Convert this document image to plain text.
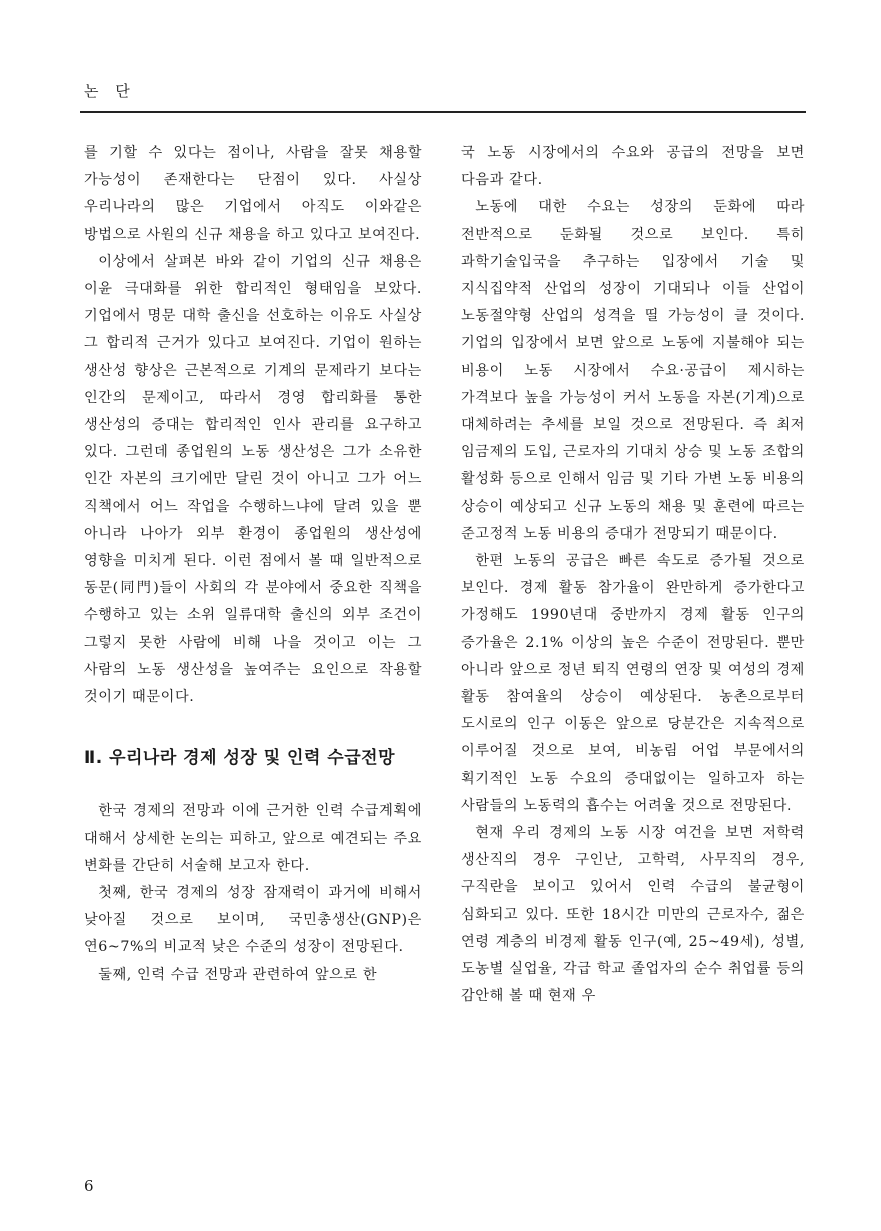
논 단

를 기할 수 있다는 점이나, 사람을 잘못 채용할 가능성이 존재한다는 단점이 있다. 사실상 우리나라의 많은 기업에서 아직도 이와같은 방법으로 사원의 신규 채용을 하고 있다고 보여진다.

이상에서 살펴본 바와 같이 기업의 신규 채용은 이윤 극대화를 위한 합리적인 형태임을 보았다. 기업에서 명문 대학 출신을 선호하는 이유도 사실상 그 합리적 근거가 있다고 보여진다. 기업이 원하는 생산성 향상은 근본적으로 기계의 문제라기 보다는 인간의 문제이고, 따라서 경영 합리화를 통한 생산성의 증대는 합리적인 인사 관리를 요구하고 있다. 그런데 종업원의 노동 생산성은 그가 소유한 인간 자본의 크기에만 달린 것이 아니고 그가 어느 직책에서 어느 작업을 수행하느냐에 달려 있을 뿐 아니라 나아가 외부 환경이 종업원의 생산성에 영향을 미치게 된다. 이런 점에서 볼 때 일반적으로 동문(同門)들이 사회의 각 분야에서 중요한 직책을 수행하고 있는 소위 일류대학 출신의 외부 조건이 그렇지 못한 사람에 비해 나을 것이고 이는 그 사람의 노동 생산성을 높여주는 요인으로 작용할 것이기 때문이다.

Ⅱ. 우리나라 경제 성장 및 인력 수급전망

한국 경제의 전망과 이에 근거한 인력 수급계획에 대해서 상세한 논의는 피하고, 앞으로 예견되는 주요 변화를 간단히 서술해 보고자 한다.

첫째, 한국 경제의 성장 잠재력이 과거에 비해서 낮아질 것으로 보이며, 국민총생산(GNP)은 연6~7%의 비교적 낮은 수준의 성장이 전망된다.

둘째, 인력 수급 전망과 관련하여 앞으로 한

국 노동 시장에서의 수요와 공급의 전망을 보면 다음과 같다.

노동에 대한 수요는 성장의 둔화에 따라 전반적으로 둔화될 것으로 보인다. 특히 과학기술입국을 추구하는 입장에서 기술 및 지식집약적 산업의 성장이 기대되나 이들 산업이 노동절약형 산업의 성격을 띨 가능성이 클 것이다. 기업의 입장에서 보면 앞으로 노동에 지불해야 되는 비용이 노동 시장에서 수요·공급이 제시하는 가격보다 높을 가능성이 커서 노동을 자본(기계)으로 대체하려는 추세를 보일 것으로 전망된다. 즉 최저 임금제의 도입, 근로자의 기대치 상승 및 노동 조합의 활성화 등으로 인해서 임금 및 기타 가변 노동 비용의 상승이 예상되고 신규 노동의 채용 및 훈련에 따르는 준고정적 노동 비용의 증대가 전망되기 때문이다.

한편 노동의 공급은 빠른 속도로 증가될 것으로 보인다. 경제 활동 참가율이 완만하게 증가한다고 가정해도 1990년대 중반까지 경제 활동 인구의 증가율은 2.1% 이상의 높은 수준이 전망된다. 뿐만 아니라 앞으로 정년 퇴직 연령의 연장 및 여성의 경제 활동 참여율의 상승이 예상된다. 농촌으로부터 도시로의 인구 이동은 앞으로 당분간은 지속적으로 이루어질 것으로 보여, 비농림 어업 부문에서의 획기적인 노동 수요의 증대없이는 일하고자 하는 사람들의 노동력의 흡수는 어려울 것으로 전망된다.

현재 우리 경제의 노동 시장 여건을 보면 저학력 생산직의 경우 구인난, 고학력, 사무직의 경우, 구직란을 보이고 있어서 인력 수급의 불균형이 심화되고 있다. 또한 18시간 미만의 근로자수, 젊은 연령 계층의 비경제 활동 인구(예, 25~49세), 성별, 도농별 실업율, 각급 학교 졸업자의 순수 취업률 등의 감안해 볼 때 현재 우

6
